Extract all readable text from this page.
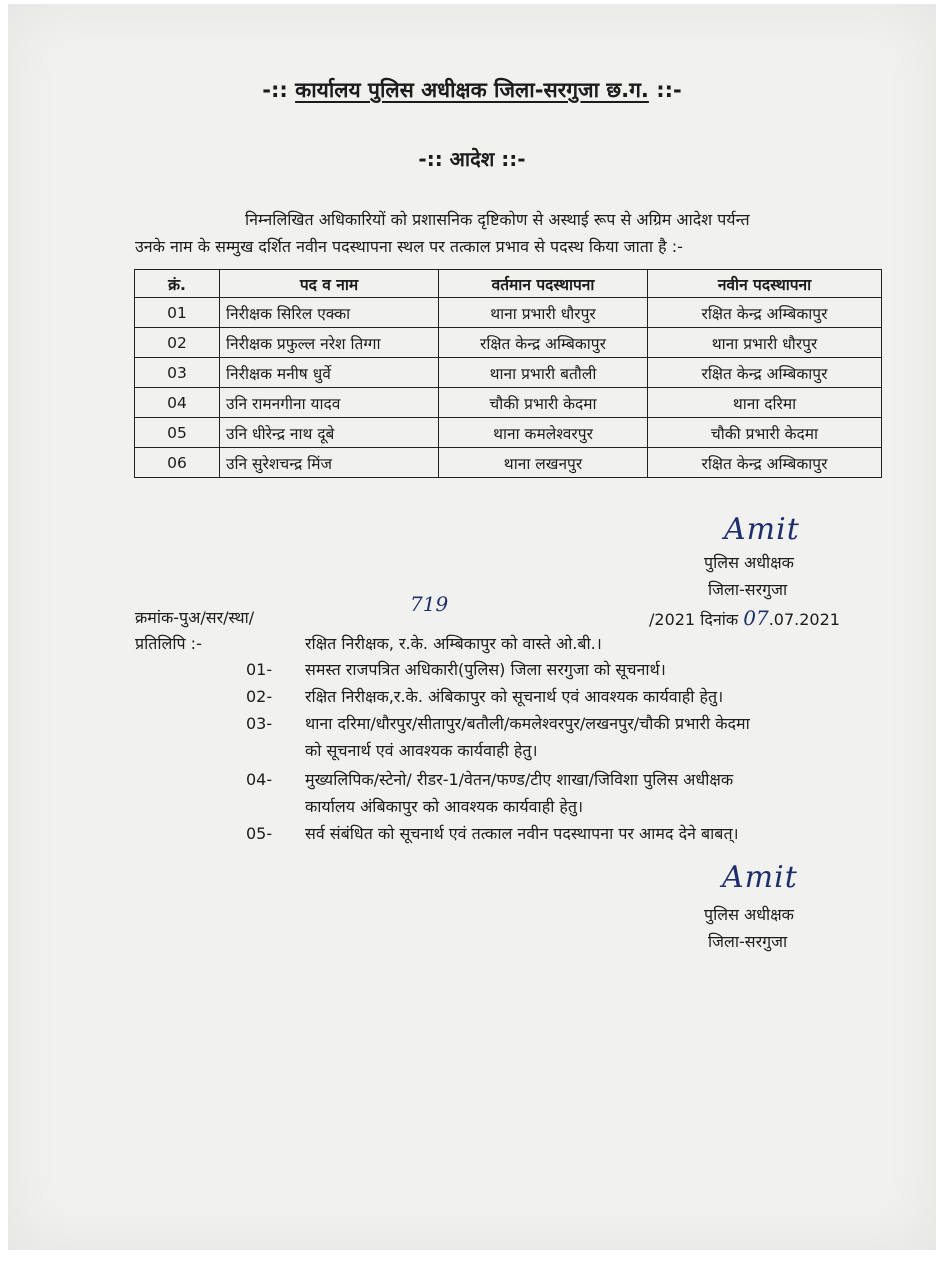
-:: कार्यालय पुलिस अधीक्षक जिला-सरगुजा छ.ग. ::-
-:: आदेश ::-

निम्नलिखित अधिकारियों को प्रशासनिक दृष्टिकोण से अस्थाई रूप से अग्रिम आदेश पर्यन्त

उनके नाम के सम्मुख दर्शित नवीन पदस्थापना स्थल पर तत्काल प्रभाव से पदस्थ किया जाता है :-

क्रं.	पद व नाम	वर्तमान पदस्थापना	नवीन पदस्थापना
01	निरीक्षक सिरिल एक्का	थाना प्रभारी धौरपुर	रक्षित केन्द्र अम्बिकापुर
02	निरीक्षक प्रफुल्ल नरेश तिग्गा	रक्षित केन्द्र अम्बिकापुर	थाना प्रभारी धौरपुर
03	निरीक्षक मनीष धुर्वे	थाना प्रभारी बतौली	रक्षित केन्द्र अम्बिकापुर
04	उनि रामनगीना यादव	चौकी प्रभारी केदमा	थाना दरिमा
05	उनि धीरेन्द्र नाथ दूबे	थाना कमलेश्वरपुर	चौकी प्रभारी केदमा
06	उनि सुरेशचन्द्र मिंज	थाना लखनपुर	रक्षित केन्द्र अम्बिकापुर
Amit
पुलिस अधीक्षक
जिला-सरगुजा
क्रमांक-पुअ/सर/स्था/
719
/2021 दिनांक 07.07.2021
प्रतिलिपि :-	रक्षित निरीक्षक, र.के. अम्बिकापुर को वास्ते ओ.बी.।
01- समस्त राजपत्रित अधिकारी(पुलिस) जिला सरगुजा को सूचनार्थ।
02- रक्षित निरीक्षक,र.के. अंबिकापुर को सूचनार्थ एवं आवश्यक कार्यवाही हेतु।
03- थाना दरिमा/धौरपुर/सीतापुर/बतौली/कमलेश्वरपुर/लखनपुर/चौकी प्रभारी केदमा
को सूचनार्थ एवं आवश्यक कार्यवाही हेतु।
04- मुख्यलिपिक/स्टेनो/ रीडर-1/वेतन/फण्ड/टीए शाखा/जिविशा पुलिस अधीक्षक
कार्यालय अंबिकापुर को आवश्यक कार्यवाही हेतु।
05- सर्व संबंधित को सूचनार्थ एवं तत्काल नवीन पदस्थापना पर आमद देने बाबत्।
Amit
पुलिस अधीक्षक
जिला-सरगुजा
